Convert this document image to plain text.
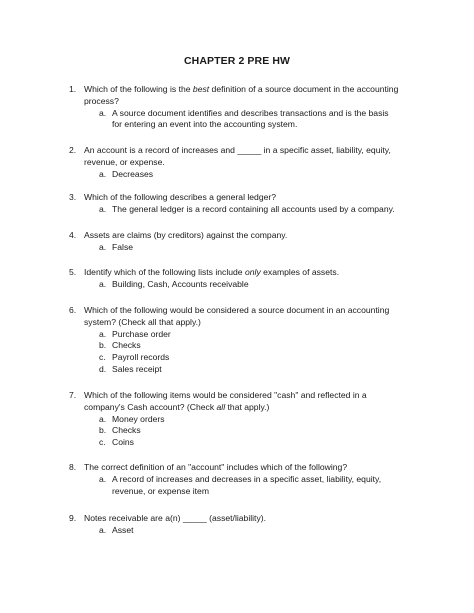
CHAPTER 2 PRE HW
1. Which of the following is the best definition of a source document in the accounting process?
a. A source document identifies and describes transactions and is the basis for entering an event into the accounting system.
2. An account is a record of increases and _____ in a specific asset, liability, equity, revenue, or expense.
a. Decreases
3. Which of the following describes a general ledger?
a. The general ledger is a record containing all accounts used by a company.
4. Assets are claims (by creditors) against the company.
a. False
5. Identify which of the following lists include only examples of assets.
a. Building, Cash, Accounts receivable
6. Which of the following would be considered a source document in an accounting system? (Check all that apply.)
a. Purchase order
b. Checks
c. Payroll records
d. Sales receipt
7. Which of the following items would be considered "cash" and reflected in a company's Cash account? (Check all that apply.)
a. Money orders
b. Checks
c. Coins
8. The correct definition of an "account" includes which of the following?
a. A record of increases and decreases in a specific asset, liability, equity, revenue, or expense item
9. Notes receivable are a(n) _____ (asset/liability).
a. Asset
